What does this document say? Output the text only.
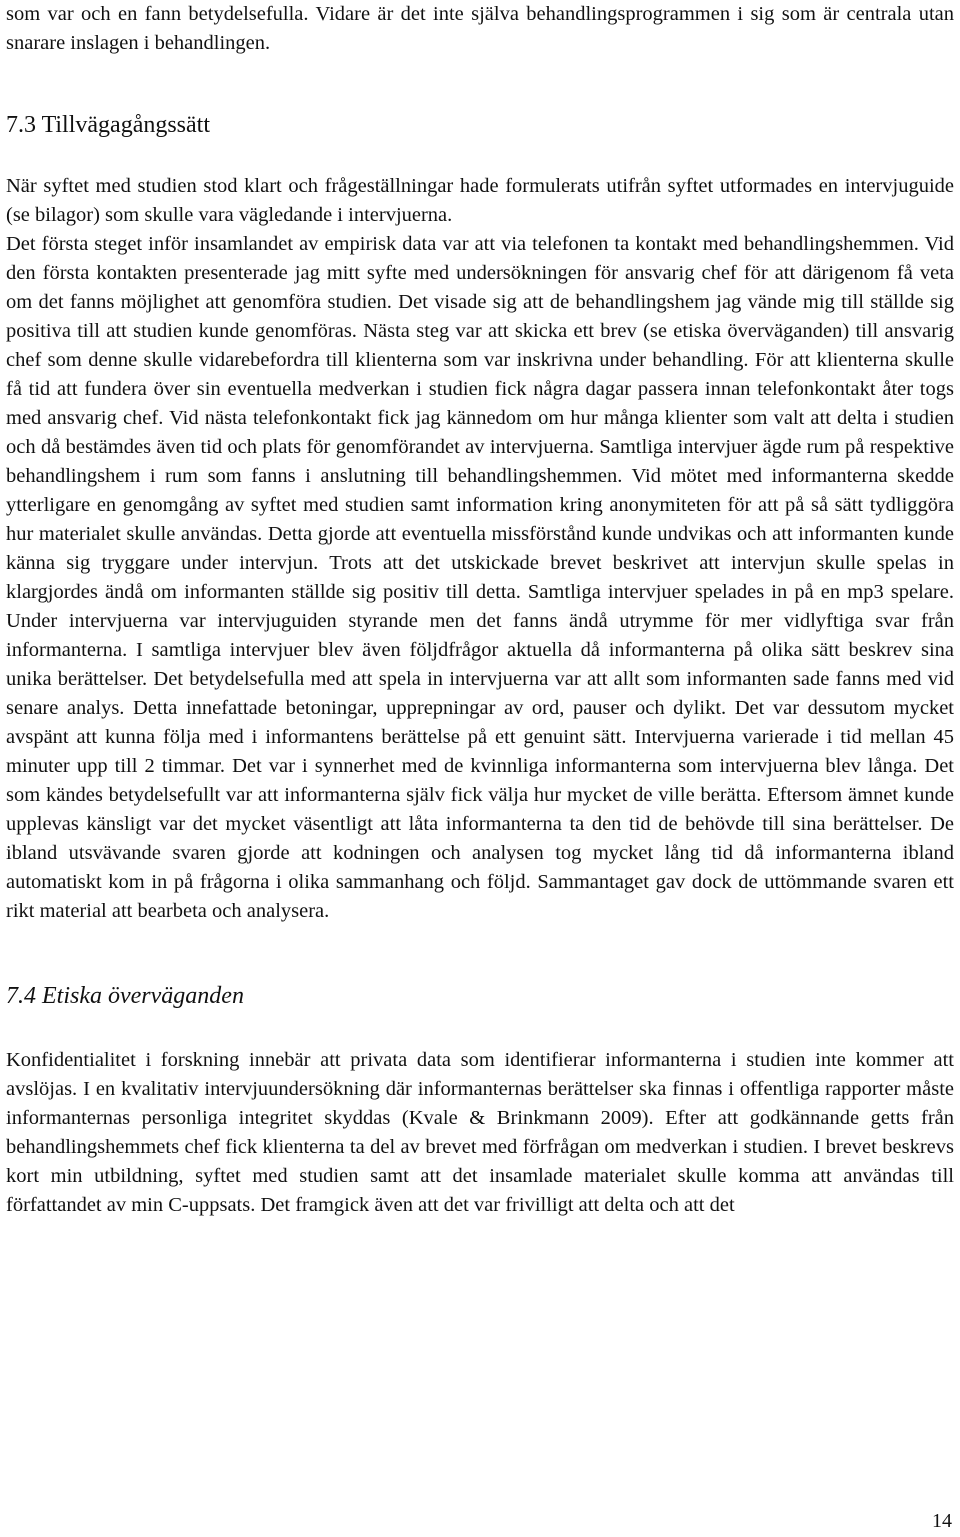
som var och en fann betydelsefulla. Vidare är det inte själva behandlingsprogrammen i sig som är centrala utan snarare inslagen i behandlingen.

7.3 Tillvägagångssätt

När syftet med studien stod klart och frågeställningar hade formulerats utifrån syftet utformades en intervjuguide (se bilagor) som skulle vara vägledande i intervjuerna.

Det första steget inför insamlandet av empirisk data var att via telefonen ta kontakt med behandlingshemmen. Vid den första kontakten presenterade jag mitt syfte med undersökningen för ansvarig chef för att därigenom få veta om det fanns möjlighet att genomföra studien. Det visade sig att de behandlingshem jag vände mig till ställde sig positiva till att studien kunde genomföras. Nästa steg var att skicka ett brev (se etiska överväganden) till ansvarig chef som denne skulle vidarebefordra till klienterna som var inskrivna under behandling. För att klienterna skulle få tid att fundera över sin eventuella medverkan i studien fick några dagar passera innan telefonkontakt åter togs med ansvarig chef. Vid nästa telefonkontakt fick jag kännedom om hur många klienter som valt att delta i studien och då bestämdes även tid och plats för genomförandet av intervjuerna. Samtliga intervjuer ägde rum på respektive behandlingshem i rum som fanns i anslutning till behandlingshemmen. Vid mötet med informanterna skedde ytterligare en genomgång av syftet med studien samt information kring anonymiteten för att på så sätt tydliggöra hur materialet skulle användas. Detta gjorde att eventuella missförstånd kunde undvikas och att informanten kunde känna sig tryggare under intervjun. Trots att det utskickade brevet beskrivet att intervjun skulle spelas in klargjordes ändå om informanten ställde sig positiv till detta. Samtliga intervjuer spelades in på en mp3 spelare. Under intervjuerna var intervjuguiden styrande men det fanns ändå utrymme för mer vidlyftiga svar från informanterna. I samtliga intervjuer blev även följdfrågor aktuella då informanterna på olika sätt beskrev sina unika berättelser. Det betydelsefulla med att spela in intervjuerna var att allt som informanten sade fanns med vid senare analys. Detta innefattade betoningar, upprepningar av ord, pauser och dylikt. Det var dessutom mycket avspänt att kunna följa med i informantens berättelse på ett genuint sätt. Intervjuerna varierade i tid mellan 45 minuter upp till 2 timmar. Det var i synnerhet med de kvinnliga informanterna som intervjuerna blev långa. Det som kändes betydelsefullt var att informanterna själv fick välja hur mycket de ville berätta. Eftersom ämnet kunde upplevas känsligt var det mycket väsentligt att låta informanterna ta den tid de behövde till sina berättelser. De ibland utsvävande svaren gjorde att kodningen och analysen tog mycket lång tid då informanterna ibland automatiskt kom in på frågorna i olika sammanhang och följd. Sammantaget gav dock de uttömmande svaren ett rikt material att bearbeta och analysera.

7.4 Etiska överväganden

Konfidentialitet i forskning innebär att privata data som identifierar informanterna i studien inte kommer att avslöjas. I en kvalitativ intervjuundersökning där informanternas berättelser ska finnas i offentliga rapporter måste informanternas personliga integritet skyddas (Kvale & Brinkmann 2009). Efter att godkännande getts från behandlingshemmets chef fick klienterna ta del av brevet med förfrågan om medverkan i studien. I brevet beskrevs kort min utbildning, syftet med studien samt att det insamlade materialet skulle komma att användas till författandet av min C-uppsats. Det framgick även att det var frivilligt att delta och att det

14
